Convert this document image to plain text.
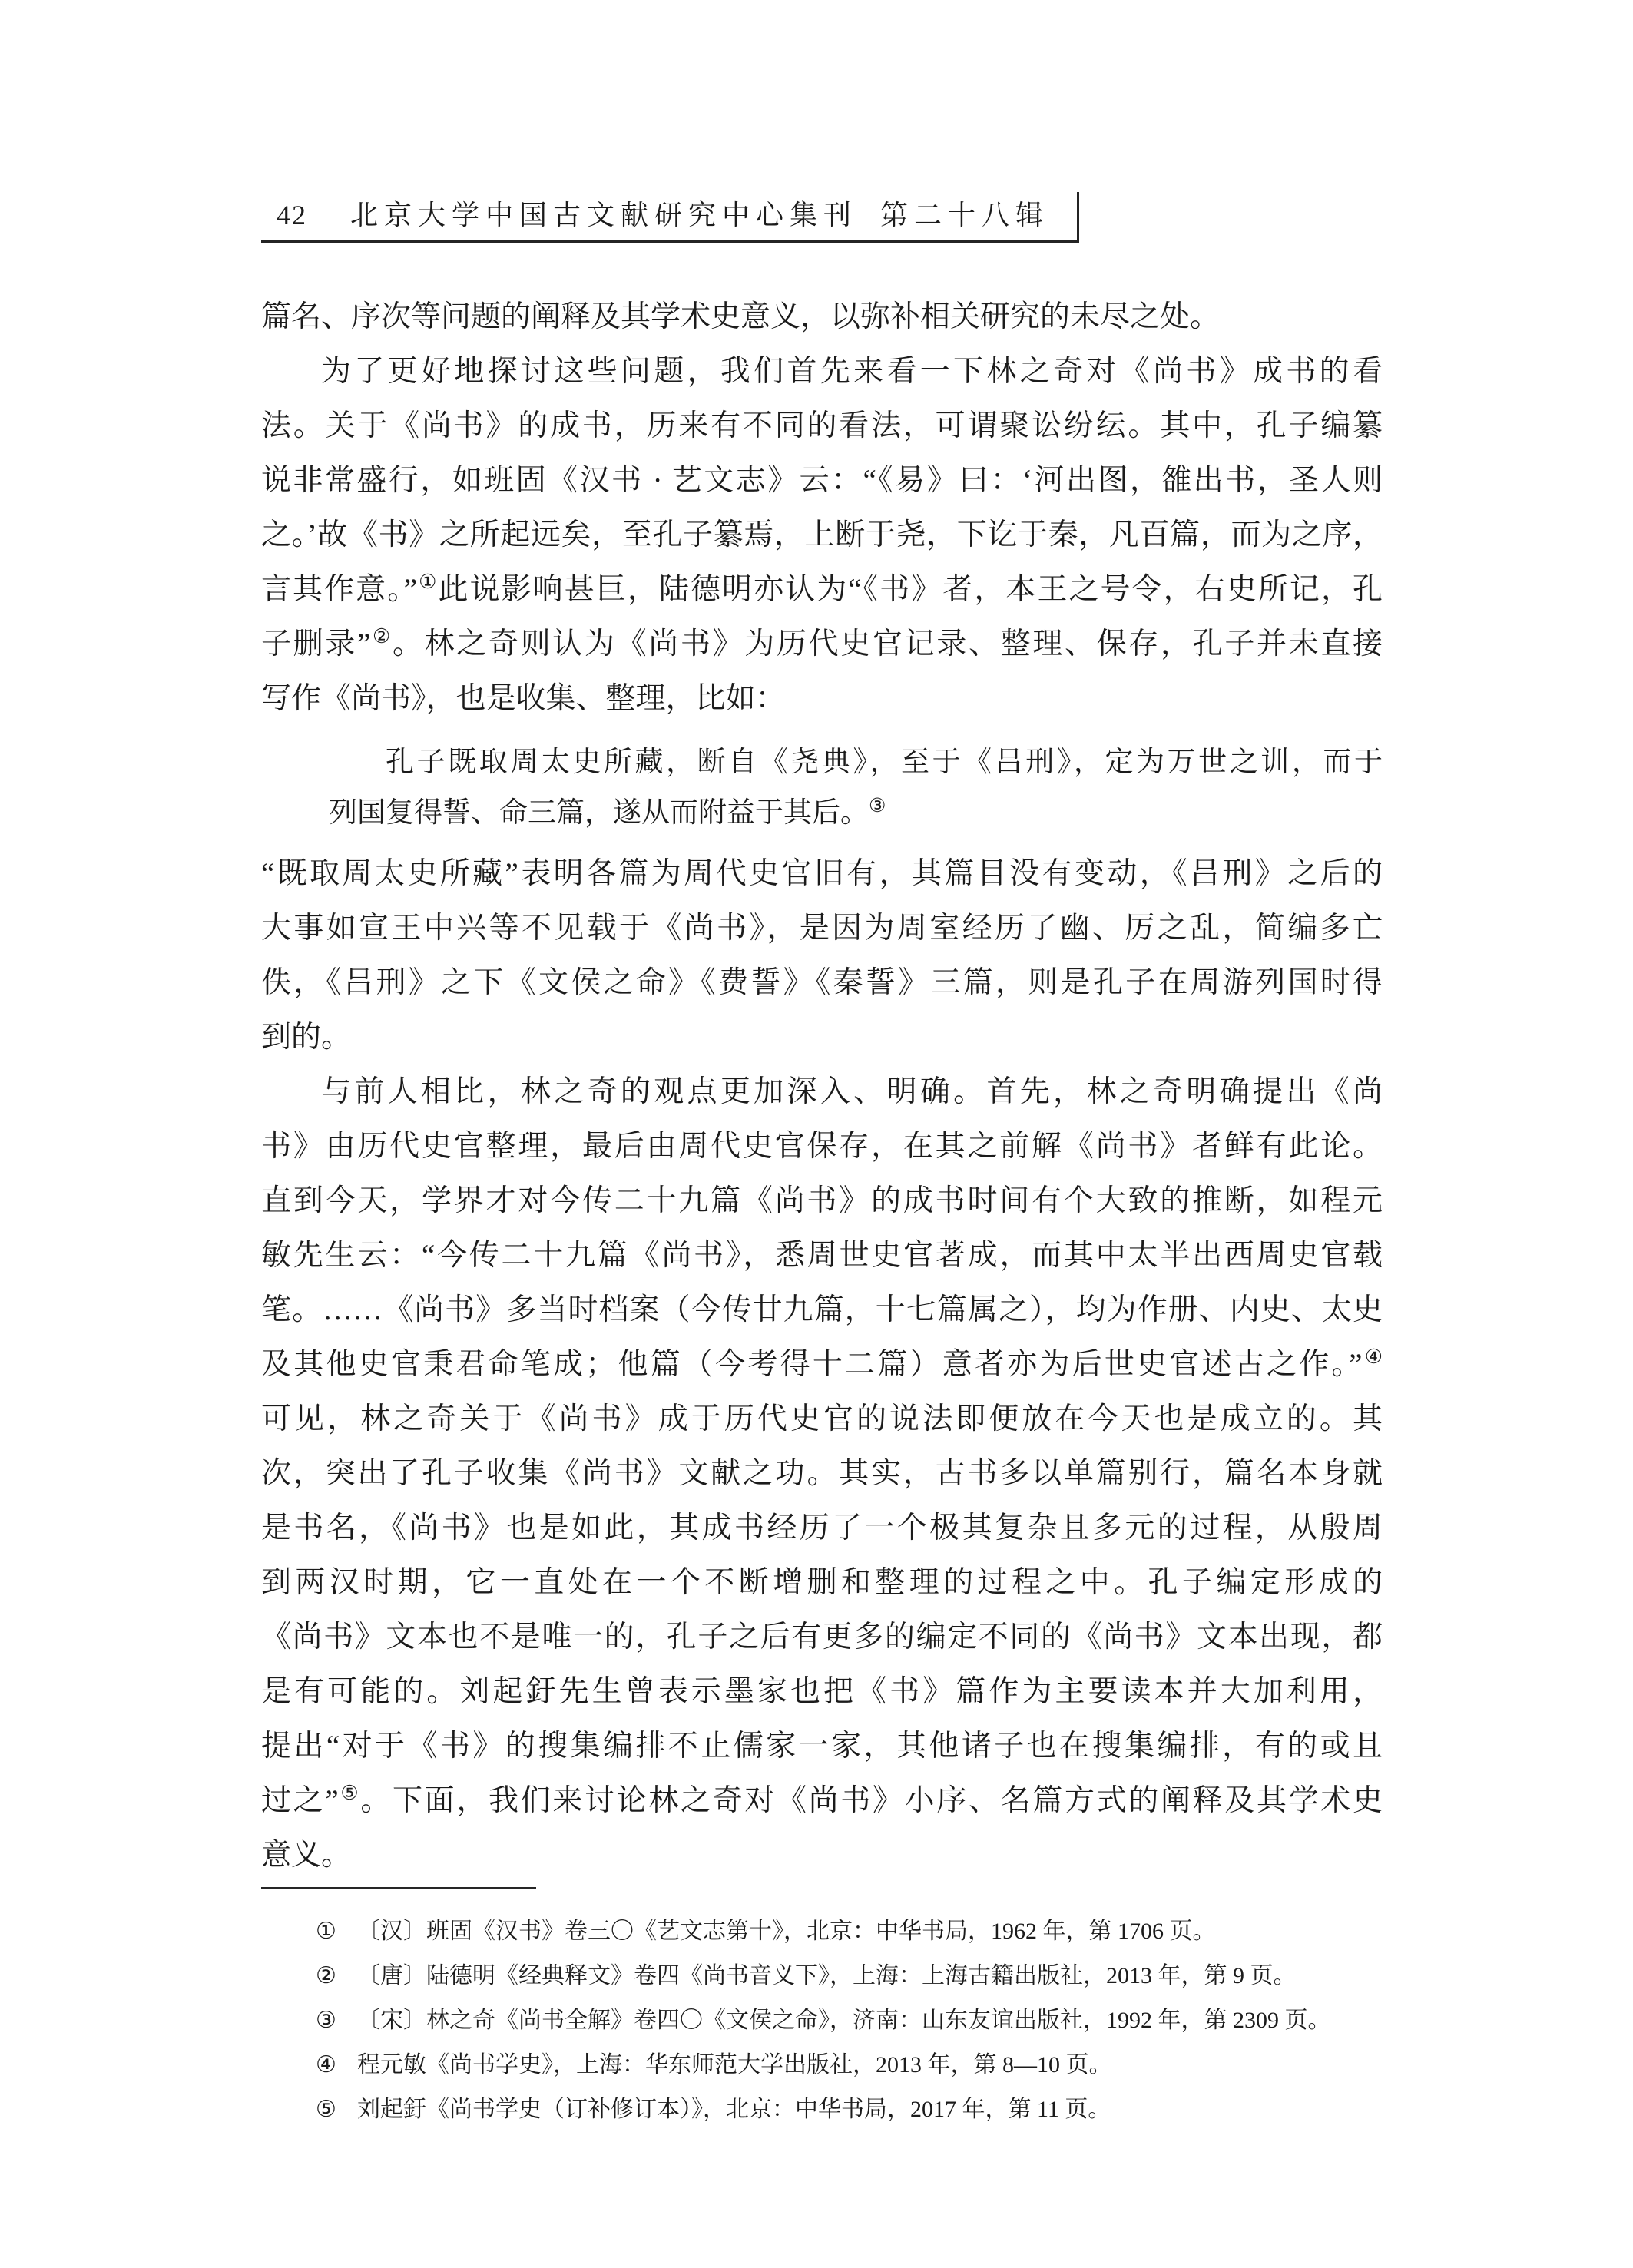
42 北京大学中国古文献研究中心集刊 第二十八辑
篇名、序次等问题的阐释及其学术史意义，以弥补相关研究的未尽之处。
为了更好地探讨这些问题，我们首先来看一下林之奇对《尚书》成书的看
法。关于《尚书》的成书，历来有不同的看法，可谓聚讼纷纭。其中，孔子编纂
说非常盛行，如班固《汉书 · 艺文志》云：“《易》曰：‘河出图，雒出书，圣人则
之。’故《书》之所起远矣，至孔子纂焉，上断于尧，下讫于秦，凡百篇，而为之序，
言其作意。”①此说影响甚巨，陆德明亦认为“《书》者，本王之号令，右史所记，孔
子删录”②。林之奇则认为《尚书》为历代史官记录、整理、保存，孔子并未直接
写作《尚书》，也是收集、整理，比如：
孔子既取周太史所藏，断自《尧典》，至于《吕刑》，定为万世之训，而于
列国复得誓、命三篇，遂从而附益于其后。③
“既取周太史所藏”表明各篇为周代史官旧有，其篇目没有变动，《吕刑》之后的
大事如宣王中兴等不见载于《尚书》，是因为周室经历了幽、厉之乱，简编多亡
佚，《吕刑》之下《文侯之命》《费誓》《秦誓》三篇，则是孔子在周游列国时得
到的。
与前人相比，林之奇的观点更加深入、明确。首先，林之奇明确提出《尚
书》由历代史官整理，最后由周代史官保存，在其之前解《尚书》者鲜有此论。
直到今天，学界才对今传二十九篇《尚书》的成书时间有个大致的推断，如程元
敏先生云：“今传二十九篇《尚书》，悉周世史官著成，而其中太半出西周史官载
笔。……《尚书》多当时档案（今传廿九篇，十七篇属之），均为作册、内史、太史
及其他史官秉君命笔成；他篇（今考得十二篇）意者亦为后世史官述古之作。”④
可见，林之奇关于《尚书》成于历代史官的说法即便放在今天也是成立的。其
次，突出了孔子收集《尚书》文献之功。其实，古书多以单篇别行，篇名本身就
是书名，《尚书》也是如此，其成书经历了一个极其复杂且多元的过程，从殷周
到两汉时期，它一直处在一个不断增删和整理的过程之中。孔子编定形成的
《尚书》文本也不是唯一的，孔子之后有更多的编定不同的《尚书》文本出现，都
是有可能的。刘起釪先生曾表示墨家也把《书》篇作为主要读本并大加利用，
提出“对于《书》的搜集编排不止儒家一家，其他诸子也在搜集编排，有的或且
过之”⑤。下面，我们来讨论林之奇对《尚书》小序、名篇方式的阐释及其学术史
意义。
① 〔汉〕班固《汉书》卷三〇《艺文志第十》，北京：中华书局，1962 年，第 1706 页。
② 〔唐〕陆德明《经典释文》卷四《尚书音义下》，上海：上海古籍出版社，2013 年，第 9 页。
③ 〔宋〕林之奇《尚书全解》卷四〇《文侯之命》，济南：山东友谊出版社，1992 年，第 2309 页。
④ 程元敏《尚书学史》，上海：华东师范大学出版社，2013 年，第 8—10 页。
⑤ 刘起釪《尚书学史（订补修订本）》，北京：中华书局，2017 年，第 11 页。
